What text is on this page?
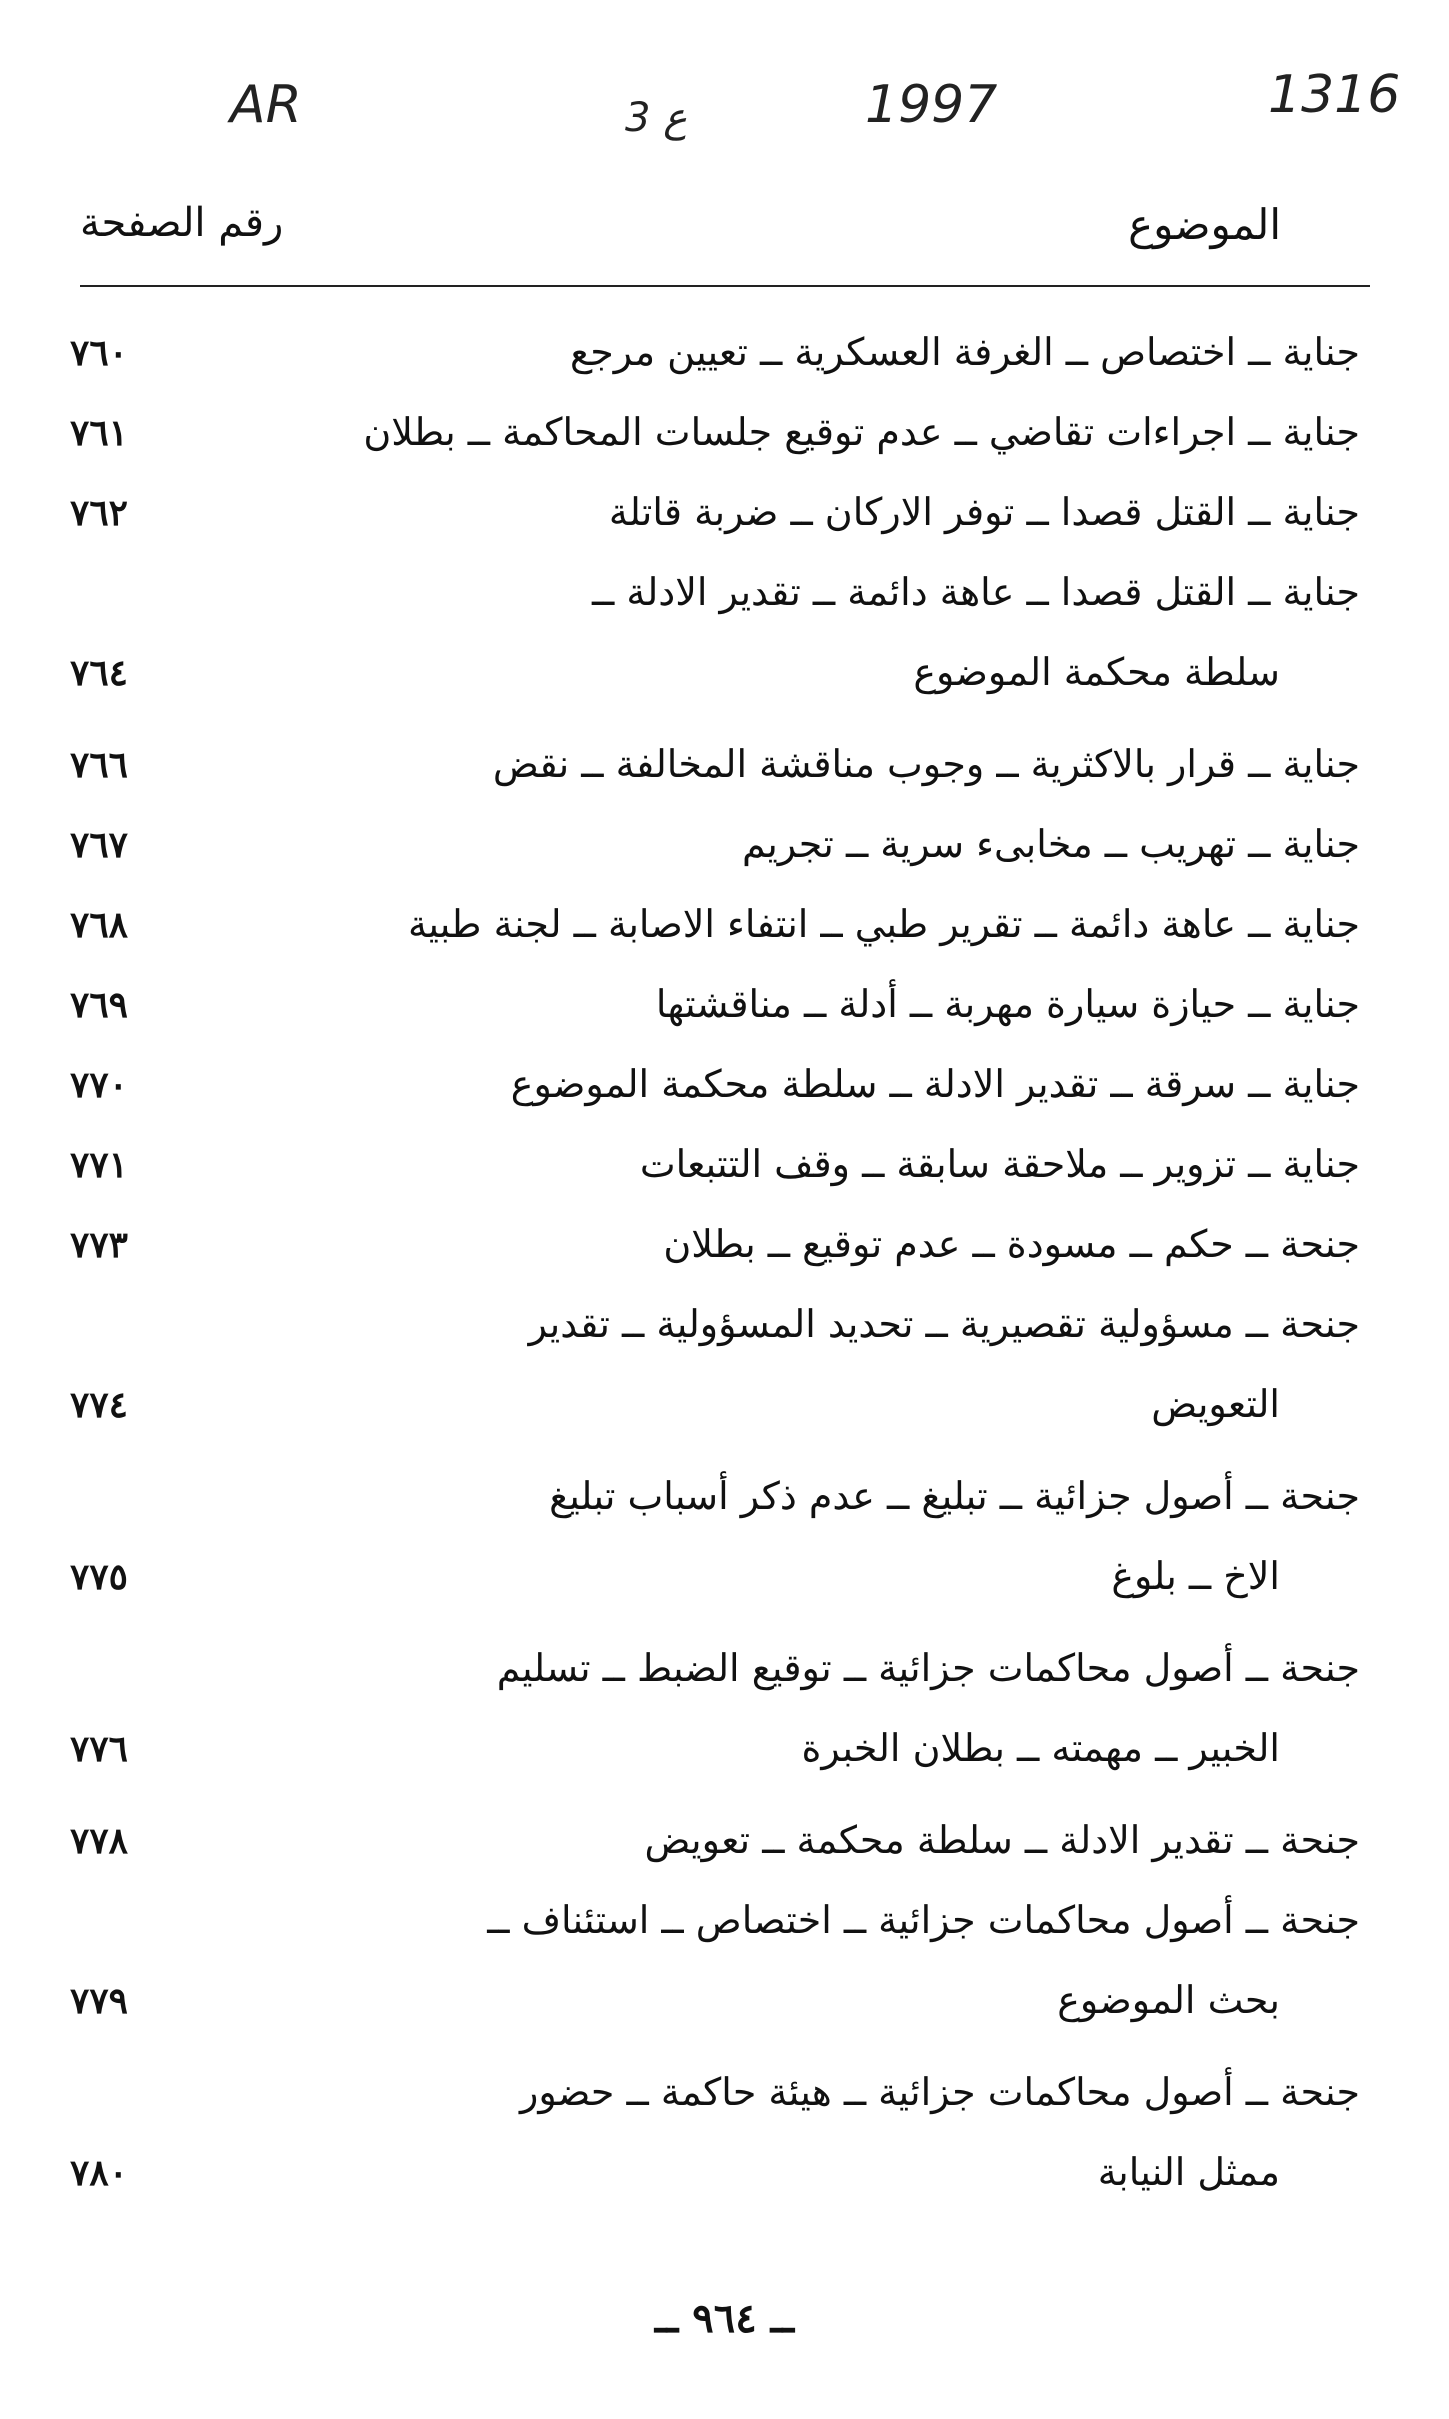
AR	3 ع	1997	1316
الموضوع
رقم الصفحة
جناية ــ اختصاص ــ الغرفة العسكرية ــ تعيين مرجع
٧٦٠
جناية ــ اجراءات تقاضي ــ عدم توقيع جلسات المحاكمة ــ بطلان
٧٦١
جناية ــ القتل قصدا ــ توفر الاركان ــ ضربة قاتلة
٧٦٢
جناية ــ القتل قصدا ــ عاهة دائمة ــ تقدير الادلة ــ
سلطة محكمة الموضوع
٧٦٤
جناية ــ قرار بالاكثرية ــ وجوب مناقشة المخالفة ــ نقض
٧٦٦
جناية ــ تهريب ــ مخابىء سرية ــ تجريم
٧٦٧
جناية ــ عاهة دائمة ــ تقرير طبي ــ انتفاء الاصابة ــ لجنة طبية
٧٦٨
جناية ــ حيازة سيارة مهربة ــ أدلة ــ مناقشتها
٧٦٩
جناية ــ سرقة ــ تقدير الادلة ــ سلطة محكمة الموضوع
٧٧٠
جناية ــ تزوير ــ ملاحقة سابقة ــ وقف التتبعات
٧٧١
جنحة ــ حكم ــ مسودة ــ عدم توقيع ــ بطلان
٧٧٣
جنحة ــ مسؤولية تقصيرية ــ تحديد المسؤولية ــ تقدير
التعويض
٧٧٤
جنحة ــ أصول جزائية ــ تبليغ ــ عدم ذكر أسباب تبليغ
الاخ ــ بلوغ
٧٧٥
جنحة ــ أصول محاكمات جزائية ــ توقيع الضبط ــ تسليم
الخبير ــ مهمته ــ بطلان الخبرة
٧٧٦
جنحة ــ تقدير الادلة ــ سلطة محكمة ــ تعويض
٧٧٨
جنحة ــ أصول محاكمات جزائية ــ اختصاص ــ استئناف ــ
بحث الموضوع
٧٧٩
جنحة ــ أصول محاكمات جزائية ــ هيئة حاكمة ــ حضور
ممثل النيابة
٧٨٠
ــ ٩٦٤ ــ
